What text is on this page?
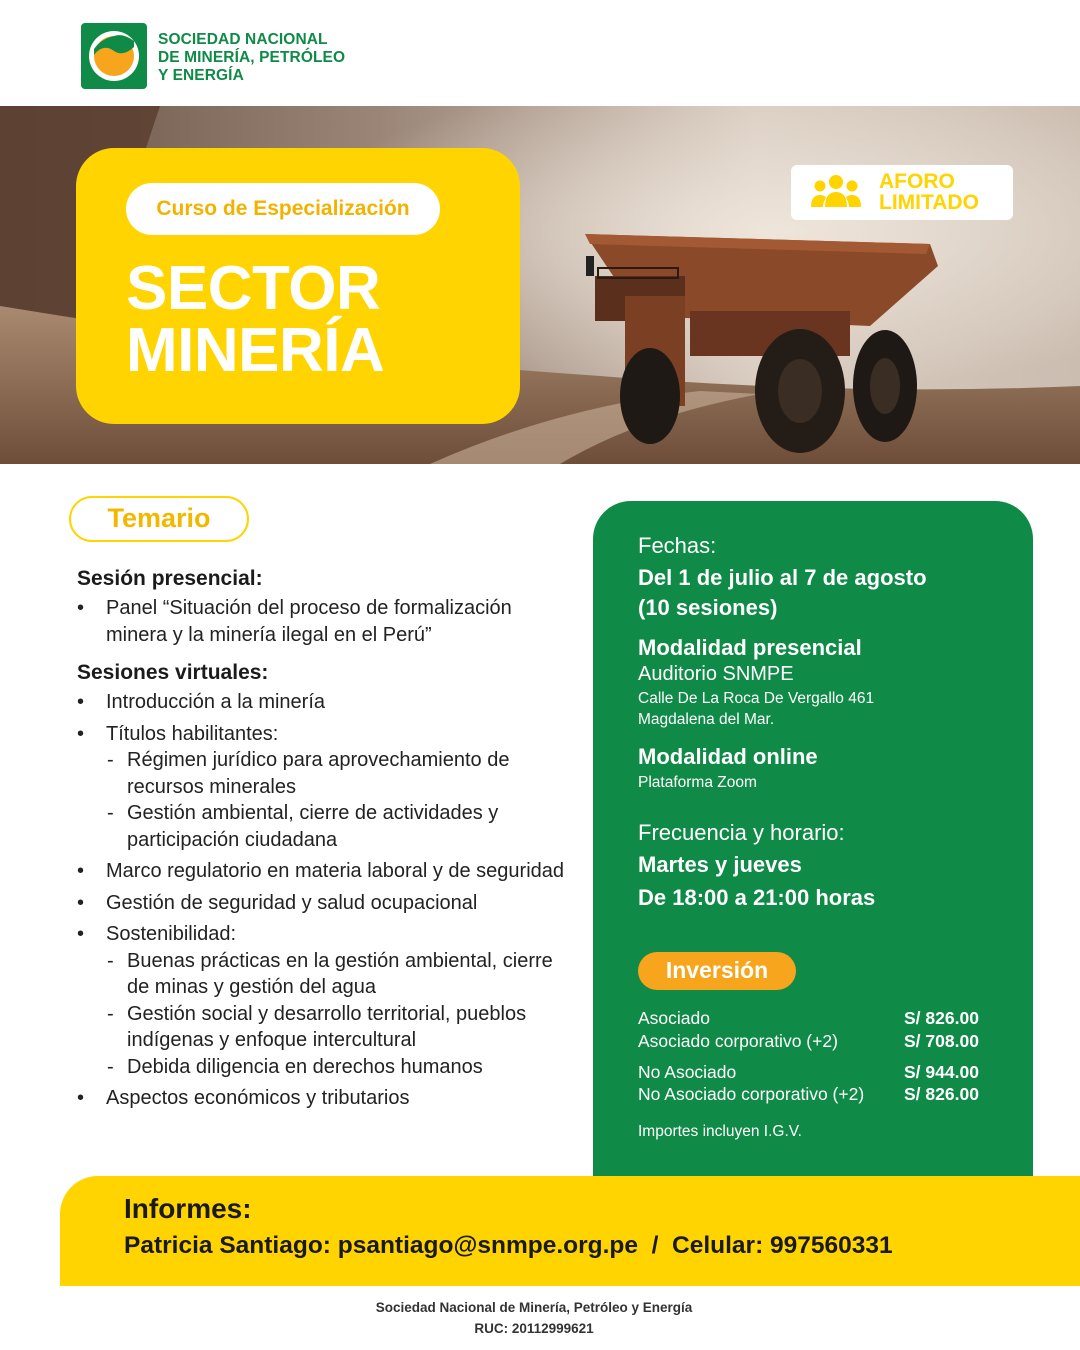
SOCIEDAD NACIONAL
DE MINERÍA, PETRÓLEO
Y ENERGÍA
Curso de Especialización
SECTOR
MINERÍA
AFORO
LIMITADO
Temario
Sesión presencial:
• Panel “Situación del proceso de formalización minera y la minería ilegal en el Perú”
Sesiones virtuales:
• Introducción a la minería
• Títulos habilitantes:
- Régimen jurídico para aprovechamiento de recursos minerales
- Gestión ambiental, cierre de actividades y participación ciudadana
• Marco regulatorio en materia laboral y de seguridad
• Gestión de seguridad y salud ocupacional
• Sostenibilidad:
- Buenas prácticas en la gestión ambiental, cierre de minas y gestión del agua
- Gestión social y desarrollo territorial, pueblos indígenas y enfoque intercultural
- Debida diligencia en derechos humanos
• Aspectos económicos y tributarios
Fechas:
Del 1 de julio al 7 de agosto
(10 sesiones)
Modalidad presencial
Auditorio SNMPE
Calle De La Roca De Vergallo 461
Magdalena del Mar.
Modalidad online
Plataforma Zoom
Frecuencia y horario:
Martes y jueves
De 18:00 a 21:00 horas
Inversión
Asociado	S/ 826.00
Asociado corporativo (+2)	S/ 708.00
No Asociado	S/ 944.00
No Asociado corporativo (+2) S/ 826.00
Importes incluyen I.G.V.
Informes:
Patricia Santiago: psantiago@snmpe.org.pe  /  Celular: 997560331
Sociedad Nacional de Minería, Petróleo y Energía
RUC: 20112999621
